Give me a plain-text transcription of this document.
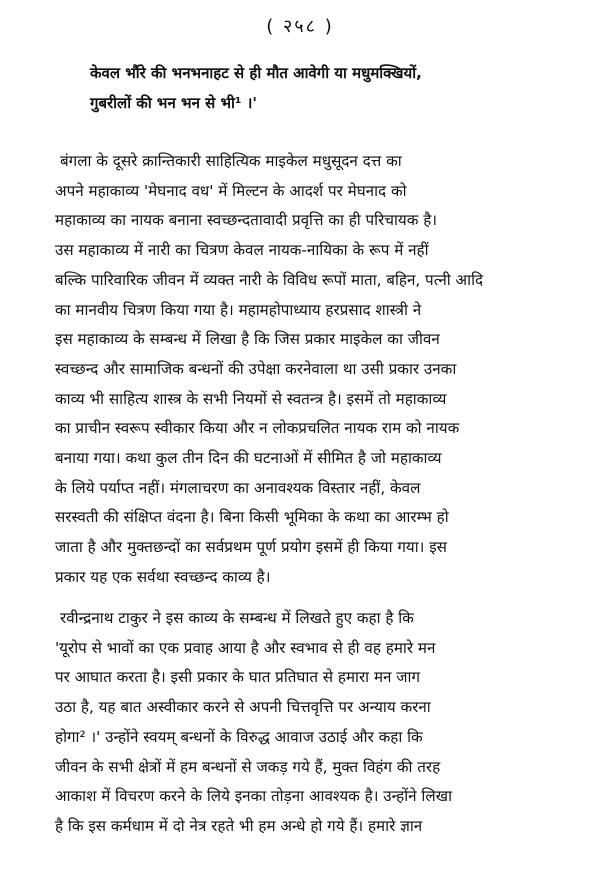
( २५८ )
केवल भौंरे की भनभनाहट से ही मौत आवेगी या मधुमक्खियों,
गुबरीलों की भन भन से भी¹ ।'
बंगला के दूसरे क्रान्तिकारी साहित्यिक माइकेल मधुसूदन दत्त का
अपने महाकाव्य 'मेघनाद वध' में मिल्टन के आदर्श पर मेघनाद को
महाकाव्य का नायक बनाना स्वच्छन्दतावादी प्रवृत्ति का ही परिचायक है।
उस महाकाव्य में नारी का चित्रण केवल नायक-नायिका के रूप में नहीं
बल्कि पारिवारिक जीवन में व्यक्त नारी के विविध रूपों माता, बहिन, पत्नी आदि
का मानवीय चित्रण किया गया है। महामहोपाध्याय हरप्रसाद शास्त्री ने
इस महाकाव्य के सम्बन्ध में लिखा है कि जिस प्रकार माइकेल का जीवन
स्वच्छन्द और सामाजिक बन्धनों की उपेक्षा करनेवाला था उसी प्रकार उनका
काव्य भी साहित्य शास्त्र के सभी नियमों से स्वतन्त्र है। इसमें तो महाकाव्य
का प्राचीन स्वरूप स्वीकार किया और न लोकप्रचलित नायक राम को नायक
बनाया गया। कथा कुल तीन दिन की घटनाओं में सीमित है जो महाकाव्य
के लिये पर्याप्त नहीं। मंगलाचरण का अनावश्यक विस्तार नहीं, केवल
सरस्वती की संक्षिप्त वंदना है। बिना किसी भूमिका के कथा का आरम्भ हो
जाता है और मुक्तछन्दों का सर्वप्रथम पूर्ण प्रयोग इसमें ही किया गया। इस
प्रकार यह एक सर्वथा स्वच्छन्द काव्य है।
रवीन्द्रनाथ टाकुर ने इस काव्य के सम्बन्ध में लिखते हुए कहा है कि
'यूरोप से भावों का एक प्रवाह आया है और स्वभाव से ही वह हमारे मन
पर आघात करता है। इसी प्रकार के घात प्रतिघात से हमारा मन जाग
उठा है, यह बात अस्वीकार करने से अपनी चित्तवृत्ति पर अन्याय करना
होगा² ।' उन्होंने स्वयम् बन्धनों के विरुद्ध आवाज उठाई और कहा कि
जीवन के सभी क्षेत्रों में हम बन्धनों से जकड़ गये हैं, मुक्त विहंग की तरह
आकाश में विचरण करने के लिये इनका तोड़ना आवश्यक है। उन्होंने लिखा
है कि इस कर्मधाम में दो नेत्र रहते भी हम अन्धे हो गये हैं। हमारे ज्ञान
